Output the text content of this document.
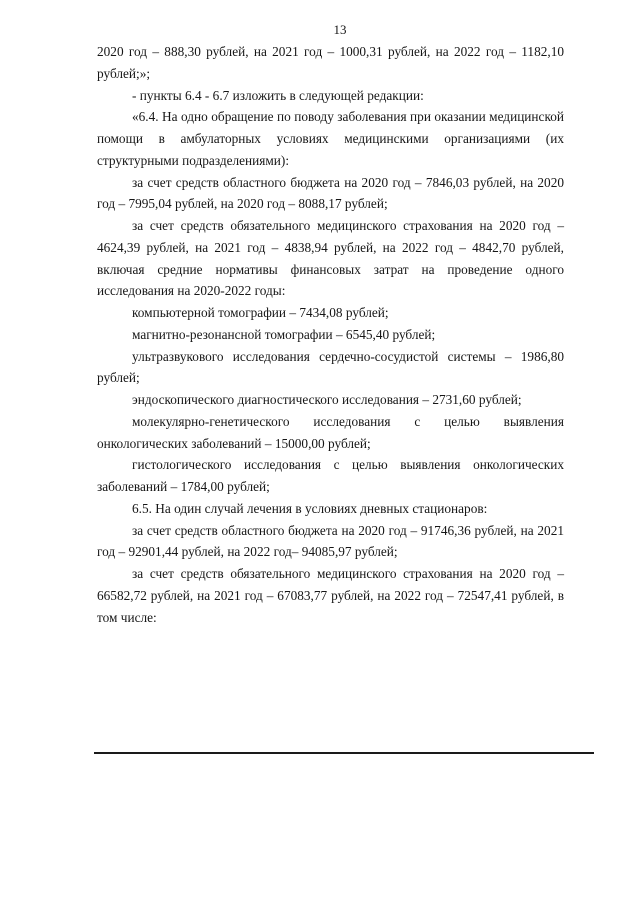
13

2020 год – 888,30 рублей, на 2021 год – 1000,31 рублей, на 2022 год – 1182,10 рублей;»;

- пункты 6.4 - 6.7 изложить в следующей редакции:

«6.4. На одно обращение по поводу заболевания при оказании медицинской помощи в амбулаторных условиях медицинскими организациями (их структурными подразделениями):

за счет средств областного бюджета на 2020 год – 7846,03 рублей, на 2020 год – 7995,04 рублей, на 2020 год – 8088,17 рублей;

за счет средств обязательного медицинского страхования на 2020 год – 4624,39 рублей, на 2021 год – 4838,94 рублей, на 2022 год – 4842,70 рублей, включая средние нормативы финансовых затрат на проведение одного исследования на 2020-2022 годы:

компьютерной томографии – 7434,08 рублей;

магнитно-резонансной томографии – 6545,40 рублей;

ультразвукового исследования сердечно-сосудистой системы – 1986,80 рублей;

эндоскопического диагностического исследования – 2731,60 рублей;

молекулярно-генетического исследования с целью выявления онкологических заболеваний – 15000,00 рублей;

гистологического исследования с целью выявления онкологических заболеваний – 1784,00 рублей;

6.5. На один случай лечения в условиях дневных стационаров:

за счет средств областного бюджета на 2020 год – 91746,36 рублей, на 2021 год – 92901,44 рублей, на 2022 год– 94085,97 рублей;

за счет средств обязательного медицинского страхования на 2020 год – 66582,72 рублей, на 2021 год – 67083,77 рублей, на 2022 год – 72547,41 рублей, в том числе:
